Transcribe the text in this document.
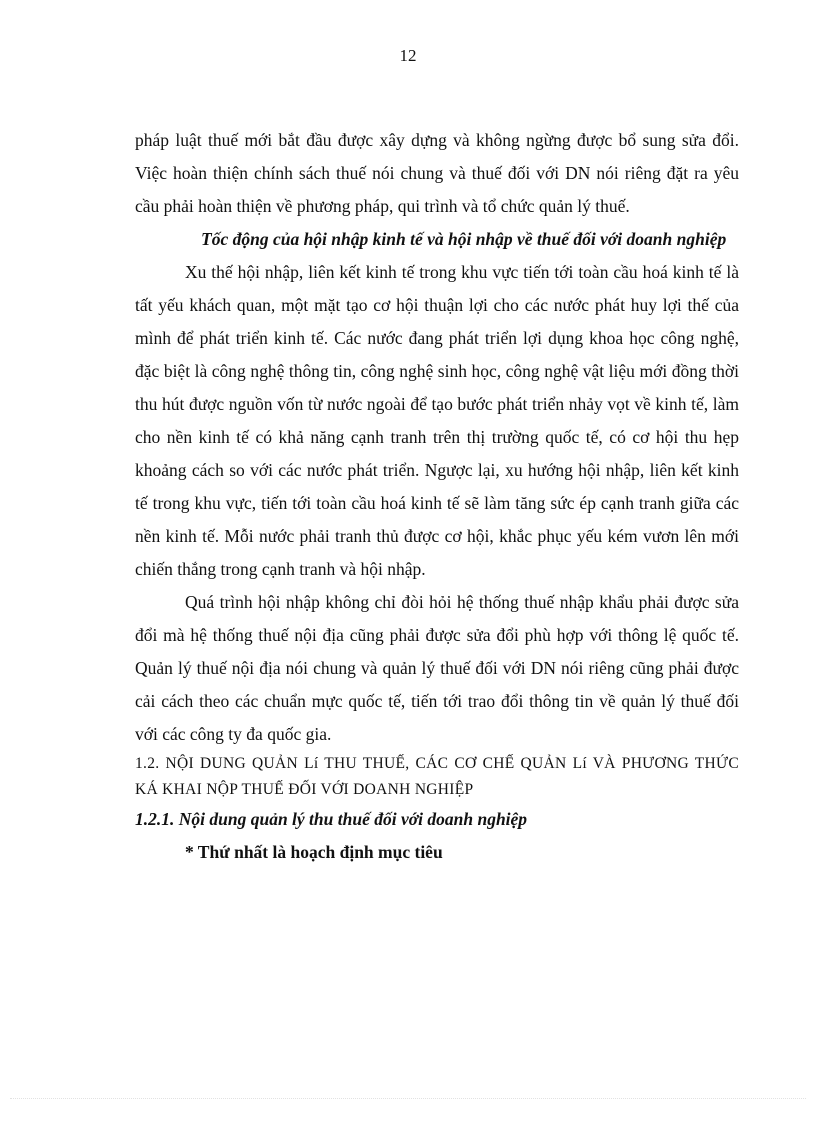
12

pháp luật thuế mới bắt đầu được xây dựng và không ngừng được bổ sung sửa đổi. Việc hoàn thiện chính sách thuế nói chung và thuế đối với DN nói riêng đặt ra yêu cầu phải hoàn thiện về phương pháp, qui trình và tổ chức quản lý thuế.

Tốc động của hội nhập kinh tế và hội nhập về thuế đối với doanh nghiệp

Xu thế hội nhập, liên kết kinh tế trong khu vực tiến tới toàn cầu hoá kinh tế là tất yếu khách quan, một mặt tạo cơ hội thuận lợi cho các nước phát huy lợi thế của mình để phát triển kinh tế. Các nước đang phát triển lợi dụng khoa học công nghệ, đặc biệt là công nghệ thông tin, công nghệ sinh học, công nghệ vật liệu mới đồng thời thu hút được nguồn vốn từ nước ngoài để tạo bước phát triển nhảy vọt về kinh tế, làm cho nền kinh tế có khả năng cạnh tranh trên thị trường quốc tế, có cơ hội thu hẹp khoảng cách so với các nước phát triển. Ngược lại, xu hướng hội nhập, liên kết kinh tế trong khu vực, tiến tới toàn cầu hoá kinh tế sẽ làm tăng sức ép cạnh tranh giữa các nền kinh tế. Mỗi nước phải tranh thủ được cơ hội, khắc phục yếu kém vươn lên mới chiến thắng trong cạnh tranh và hội nhập.

Quá trình hội nhập không chỉ đòi hỏi hệ thống thuế nhập khẩu phải được sửa đổi mà hệ thống thuế nội địa cũng phải được sửa đổi phù hợp với thông lệ quốc tế. Quản lý thuế nội địa nói chung và quản lý thuế đối với DN nói riêng cũng phải được cải cách theo các chuẩn mực quốc tế, tiến tới trao đổi thông tin về quản lý thuế đối với các công ty đa quốc gia.

1.2. NỘI DUNG QUẢN Lí THU THUẾ, CÁC CƠ CHẾ QUẢN Lí VÀ PHƯƠNG THỨC KÁ KHAI NỘP THUẾ ĐỐI VỚI DOANH NGHIỆP

1.2.1. Nội dung quản lý thu thuế đối với doanh nghiệp

* Thứ nhất là hoạch định mục tiêu
